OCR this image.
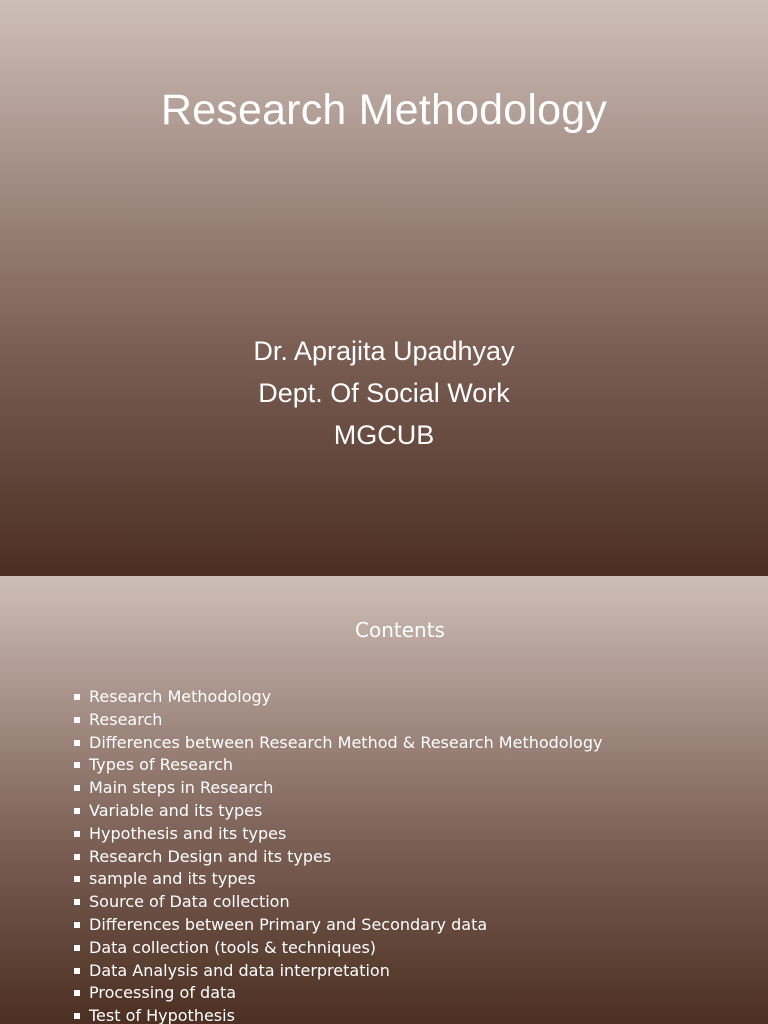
Research Methodology
Dr. Aprajita Upadhyay
Dept. Of Social Work
MGCUB
Contents
Research Methodology
Research
Differences between Research Method & Research Methodology
Types of Research
Main steps in Research
Variable and its types
Hypothesis and its types
Research Design and its types
sample and its types
Source of Data collection
Differences between Primary and Secondary data
Data collection (tools & techniques)
Data Analysis and data interpretation
Processing of data
Test of Hypothesis
